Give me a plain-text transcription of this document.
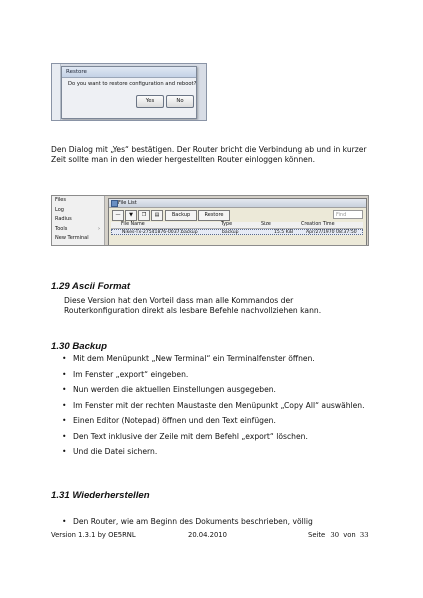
Restore
Do you want to restore configuration and reboot?
Yes	No
Den Dialog mit „Yes“ bestätigen. Der Router bricht die Verbindung ab und in kurzer Zeit sollte man in den wieder hergestellten Router einloggen können.
Files
Log
Radius
Tools	›
New Terminal
File List
—	▼	❐	▤	Backup	Restore	Find
File Name	Type	Size	Creation Time
Nikes-Tx-27541876-0037.backup	backup	15.5 KiB	Apr/27/1970 08:37:50
1.29 Ascii Format
Diese Version hat den Vorteil dass man alle Kommandos der Routerkonfiguration direkt als lesbare Befehle nachvollziehen kann.
1.30 Backup
• Mit dem Menüpunkt „New Terminal“ ein Terminalfenster öffnen.
• Im Fenster „export“ eingeben.
• Nun werden die aktuellen Einstellungen ausgegeben.
• Im Fenster mit der rechten Maustaste den Menüpunkt „Copy All“ auswählen.
• Einen Editor (Notepad) öffnen und den Text einfügen.
• Den Text inklusive der Zeile mit dem Befehl „export“ löschen.
• Und die Datei sichern.
1.31 Wiederherstellen
• Den Router, wie am Beginn des Dokuments beschrieben, völlig
Version 1.3.1 by OE5RNL	20.04.2010	Seite 30 von 33
